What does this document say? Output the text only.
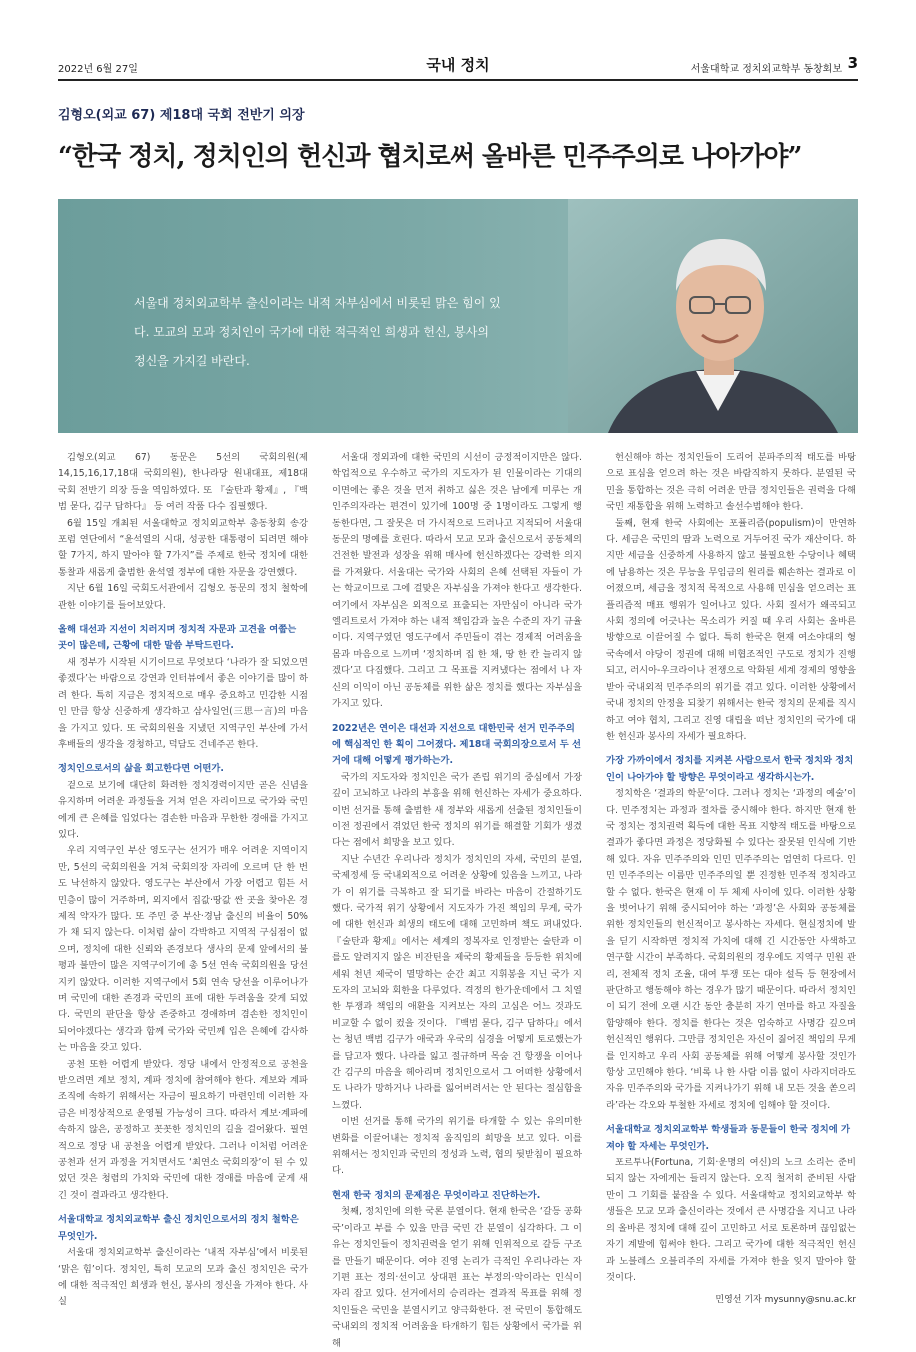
2022년 6월 27일	국내 정치	서울대학교 정치외교학부 동창회보 3
김형오(외교 67) 제18대 국회 전반기 의장
“한국 정치, 정치인의 헌신과 협치로써 올바른 민주주의로 나아가야”
서울대 정치외교학부 출신이라는 내적 자부심에서 비롯된 맑은 힘이 있다. 모교의 모과 정치인이 국가에 대한 적극적인 희생과 헌신, 봉사의 정신을 가지길 바란다.

김형오(외교 67) 동문은 5선의 국회의원(제14,15,16,17,18대 국회의원), 한나라당 원내대표, 제18대 국회 전반기 의장 등을 역임하였다. 또 『술탄과 황제』, 『백범 묻다, 김구 답하다』 등 여러 작품 다수 집필했다.

6월 15일 개최된 서울대학교 정치외교학부 총동창회 송강포럼 연단에서 “윤석열의 시대, 성공한 대통령이 되려면 해야 할 7가지, 하지 말아야 할 7가지”를 주제로 한국 정치에 대한 통찰과 새롭게 출범한 윤석열 정부에 대한 자문을 강연했다.

지난 6월 16일 국회도서관에서 김형오 동문의 정치 철학에 관한 이야기를 들어보았다.

올해 대선과 지선이 치러지며 정치적 자문과 고견을 여쭙는 곳이 많은데, 근황에 대한 말씀 부탁드린다.

새 정부가 시작된 시기이므로 무엇보다 ‘나라가 잘 되었으면 좋겠다’는 바람으로 강연과 인터뷰에서 좋은 이야기를 많이 하려 한다. 특히 지금은 정치적으로 매우 중요하고 민감한 시점인 만큼 항상 신중하게 생각하고 삼사일언(三思一言)의 마음을 가지고 있다. 또 국회의원을 지냈던 지역구인 부산에 가서 후배들의 생각을 경청하고, 덕담도 건네주곤 한다.

정치인으로서의 삶을 회고한다면 어떤가.

겉으로 보기에 대단히 화려한 정치경력이지만 곧은 신념을 유지하며 어려운 과정들을 거쳐 얻은 자리이므로 국가와 국민에게 큰 은혜를 입었다는 겸손한 마음과 무한한 경애를 가지고 있다.

우리 지역구인 부산 영도구는 선거가 매우 어려운 지역이지만, 5선의 국회의원을 거쳐 국회의장 자리에 오르며 단 한 번도 낙선하지 않았다. 영도구는 부산에서 가장 어렵고 힘든 서민층이 많이 거주하며, 외지에서 집값·땅값 싼 곳을 찾아온 경제적 약자가 많다. 또 주민 중 부산·경남 출신의 비율이 50%가 채 되지 않는다. 이처럼 삶이 각박하고 지역적 구심점이 없으며, 정치에 대한 신뢰와 존경보다 생사의 문제 앞에서의 불평과 불만이 많은 지역구이기에 총 5선 연속 국회의원을 당선지키 않았다. 이러한 지역구에서 5회 연속 당선을 이루어나가며 국민에 대한 존경과 국민의 표에 대한 두려움을 갖게 되었다. 국민의 판단을 항상 존중하고 경애하며 겸손한 정치인이 되어야겠다는 생각과 함께 국가와 국민께 입은 은혜에 감사하는 마음을 갖고 있다.

공천 또한 어렵게 받았다. 정당 내에서 안정적으로 공천을 받으려면 계보 정치, 계파 정치에 참여해야 한다. 계보와 계파 조직에 속하기 위해서는 자금이 필요하기 마련인데 이러한 자금은 비정상적으로 운영될 가능성이 크다. 따라서 계보·계파에 속하지 않은, 공정하고 꼿꼿한 정치인의 길을 걸어왔다. 필연적으로 정당 내 공천을 어렵게 받았다. 그러나 이처럼 어려운 공천과 선거 과정을 거치면서도 ‘최연소 국회의장’이 된 수 있었던 것은 청렴의 가치와 국민에 대한 경애를 마음에 굳게 새긴 것이 결과라고 생각한다.

서울대학교 정치외교학부 출신 정치인으로서의 정치 철학은 무엇인가.

서울대 정치외교학부 출신이라는 ‘내적 자부심’에서 비롯된 ‘맑은 힘’이다. 정치인, 특히 모교의 모과 출신 정치인은 국가에 대한 적극적인 희생과 헌신, 봉사의 정신을 가져야 한다. 사실

서울대 정외과에 대한 국민의 시선이 긍정적이지만은 않다. 학업적으로 우수하고 국가의 지도자가 된 인물이라는 기대의 이면에는 좋은 것을 먼저 취하고 싫은 것은 남에게 미루는 개인주의자라는 편견이 있기에 100명 중 1명이라도 그렇게 행동한다면, 그 잘못은 더 가시적으로 드러나고 지적되어 서울대 동문의 명예를 흐린다. 따라서 모교 모과 출신으로서 공동체의 건전한 발전과 성장을 위해 매사에 헌신하겠다는 강력한 의지를 가져왔다. 서울대는 국가와 사회의 은혜 선택된 자들이 가는 학교이므로 그에 걸맞은 자부심을 가져야 한다고 생각한다. 여기에서 자부심은 외적으로 표출되는 자만심이 아니라 국가 엘리트로서 가져야 하는 내적 책임감과 높은 수준의 자기 규율이다. 지역구였던 영도구에서 주민들이 겪는 경제적 어려움을 몸과 마음으로 느끼며 ‘정치하며 집 한 채, 땅 한 칸 늘리지 않겠다’고 다짐했다. 그리고 그 목표를 지켜냈다는 점에서 나 자신의 이익이 아닌 공동체를 위한 삶은 정치를 했다는 자부심을 가지고 있다.

2022년은 연이은 대선과 지선으로 대한민국 선거 민주주의에 핵심적인 한 획이 그어졌다. 제18대 국회의장으로서 두 선거에 대해 어떻게 평가하는가.

국가의 지도자와 정치인은 국가 존립 위기의 중심에서 가장 깊이 고뇌하고 나라의 부흥을 위해 헌신하는 자세가 중요하다. 이번 선거를 통해 출범한 새 정부와 새롭게 선출된 정치인들이 이전 정권에서 겪었던 한국 정치의 위기를 해결할 기회가 생겼다는 점에서 희망을 보고 있다.

지난 수년간 우리나라 정치가 정치인의 자세, 국민의 분열, 국제정세 등 국내외적으로 어려운 상황에 있음을 느끼고, 나라가 이 위기를 극복하고 잘 되기를 바라는 마음이 간절하기도 했다. 국가적 위기 상황에서 지도자가 가진 책임의 무게, 국가에 대한 헌신과 희생의 태도에 대해 고민하며 책도 펴내었다. 『술탄과 황제』에서는 세계의 정복자로 인정받는 술탄과 이를도 알려지지 않은 비잔틴을 제국의 황제들을 등등한 위치에 세워 천년 제국이 멸망하는 순간 최고 지휘봉을 지닌 국가 지도자의 고뇌와 회한을 다루었다. 격정의 한가운데에서 그 치열한 투쟁과 책임의 애환을 지켜보는 자의 고심은 어느 것과도 비교할 수 없이 컸을 것이다. 『백범 묻다, 김구 답하다』에서는 청년 백범 김구가 애국과 우국의 심경을 어떻게 토로했는가를 담고자 했다. 나라를 잃고 절규하며 목숨 건 항쟁을 이어나간 김구의 마음을 헤아리며 정치인으로서 그 어떠한 상황에서도 나라가 망하거나 나라를 잃어버려서는 안 된다는 절심함을 느꼈다.

이번 선거를 통해 국가의 위기를 타개할 수 있는 유의미한 변화를 이끌어내는 정치적 움직임의 희망을 보고 있다. 이를 위해서는 정치인과 국민의 정성과 노력, 협의 뒷받침이 필요하다.

현재 한국 정치의 문제점은 무엇이라고 진단하는가.

첫째, 정치인에 의한 국론 분열이다. 현재 한국은 ‘갈등 공화국’이라고 부를 수 있을 만큼 국민 간 분열이 심각하다. 그 이유는 정치인들이 정치권력을 얻기 위해 인위적으로 갈등 구조를 만들기 때문이다. 여야 진영 논리가 극적인 우리나라는 자기편 표는 정의·선이고 상대편 표는 부정의·악이라는 인식이 자리 잡고 있다. 선거에서의 승리라는 결과적 목표를 위해 정치인들은 국민을 분열시키고 양극화한다. 전 국민이 통합해도 국내외의 정치적 어려움을 타개하기 힘든 상황에서 국가를 위해

헌신해야 하는 정치인들이 도리어 분파주의적 태도를 바탕으로 표심을 얻으려 하는 것은 바람직하지 못하다. 분열된 국민을 통합하는 것은 극히 어려운 만큼 정치인들은 권력을 다해 국민 재통합을 위해 노력하고 솔선수범해야 한다.

둘째, 현재 한국 사회에는 포퓰리즘(populism)이 만연하다. 세금은 국민의 땀과 노력으로 거두어진 국가 재산이다. 하지만 세금을 신중하게 사용하지 않고 불필요한 수당이나 혜택에 남용하는 것은 무능을 무임금의 원리를 훼손하는 결과로 이어졌으며, 세금을 정치적 목적으로 사용해 민심을 얻으려는 표플리즘적 매표 행위가 일어나고 있다. 사회 질서가 왜곡되고 사회 정의에 어긋나는 목소리가 커질 때 우리 사회는 올바른 방향으로 이끌어질 수 없다. 특히 한국은 현재 여소야대의 형국속에서 야당이 정권에 대해 비협조적인 구도로 정치가 진행되고, 러시아-우크라이나 전쟁으로 악화된 세계 경제의 영향을 받아 국내외적 민주주의의 위기를 겪고 있다. 이러한 상황에서 국내 정치의 안정을 되찾기 위해서는 한국 정치의 문제를 직시하고 여야 협치, 그리고 진영 대립을 떠난 정치인의 국가에 대한 헌신과 봉사의 자세가 필요하다.

가장 가까이에서 정치를 지켜본 사람으로서 한국 정치와 정치인이 나아가야 할 방향은 무엇이라고 생각하시는가.

정치학은 ‘결과의 학문’이다. 그러나 정치는 ‘과정의 예술’이다. 민주정치는 과정과 절차를 중시해야 한다. 하지만 현재 한국 정치는 정치권력 획득에 대한 목표 지향적 태도를 바탕으로 결과가 좋다면 과정은 정당화될 수 있다는 잘못된 인식에 기반해 있다. 자유 민주주의와 인민 민주주의는 엄연히 다르다. 인민 민주주의는 이름만 민주주의일 뿐 진정한 민주적 정치라고 할 수 없다. 한국은 현재 이 두 체제 사이에 있다. 이러한 상황을 벗어나기 위해 중시되어야 하는 ‘과정’은 사회와 공동체를 위한 정치인들의 헌신적이고 봉사하는 자세다. 현실정치에 발을 딛기 시작하면 정치적 가치에 대해 긴 시간동안 사색하고 연구할 시간이 부족하다. 국회의원의 경우에도 지역구 민원 관리, 전체적 정치 조율, 대여 투쟁 또는 대야 설득 등 현장에서 판단하고 행동해야 하는 경우가 많기 때문이다. 따라서 정치인이 되기 전에 오랜 시간 동안 충분히 자기 연마를 하고 자질을 함양해야 한다. 정치를 한다는 것은 엄숙하고 사명감 깊으며 헌신적인 행위다. 그만큼 정치인은 자신이 짊어진 책임의 무게를 인지하고 우리 사회 공동체를 위해 어떻게 봉사할 것인가 항상 고민해야 한다. ‘비록 나 한 사람 이름 없이 사라지더라도 자유 민주주의와 국가를 지켜나가기 위해 내 모든 것을 쏟으리라’라는 각오와 투철한 자세로 정치에 임해야 할 것이다.

서울대학교 정치외교학부 학생들과 동문들이 한국 정치에 가져야 할 자세는 무엇인가.

포르투나(Fortuna, 기회·운명의 여신)의 노크 소리는 준비되지 않는 자에게는 들리지 않는다. 오직 철저히 준비된 사람만이 그 기회를 붙잡을 수 있다. 서울대학교 정치외교학부 학생들은 모교 모과 출신이라는 것에서 큰 사명감을 지니고 나라의 올바른 정치에 대해 깊이 고민하고 서로 토론하며 끊임없는 자기 계발에 힘써야 한다. 그리고 국가에 대한 적극적인 헌신과 노블레스 오블리주의 자세를 가져야 한을 잊지 말아야 할 것이다.

민영선 기자 mysunny@snu.ac.kr
